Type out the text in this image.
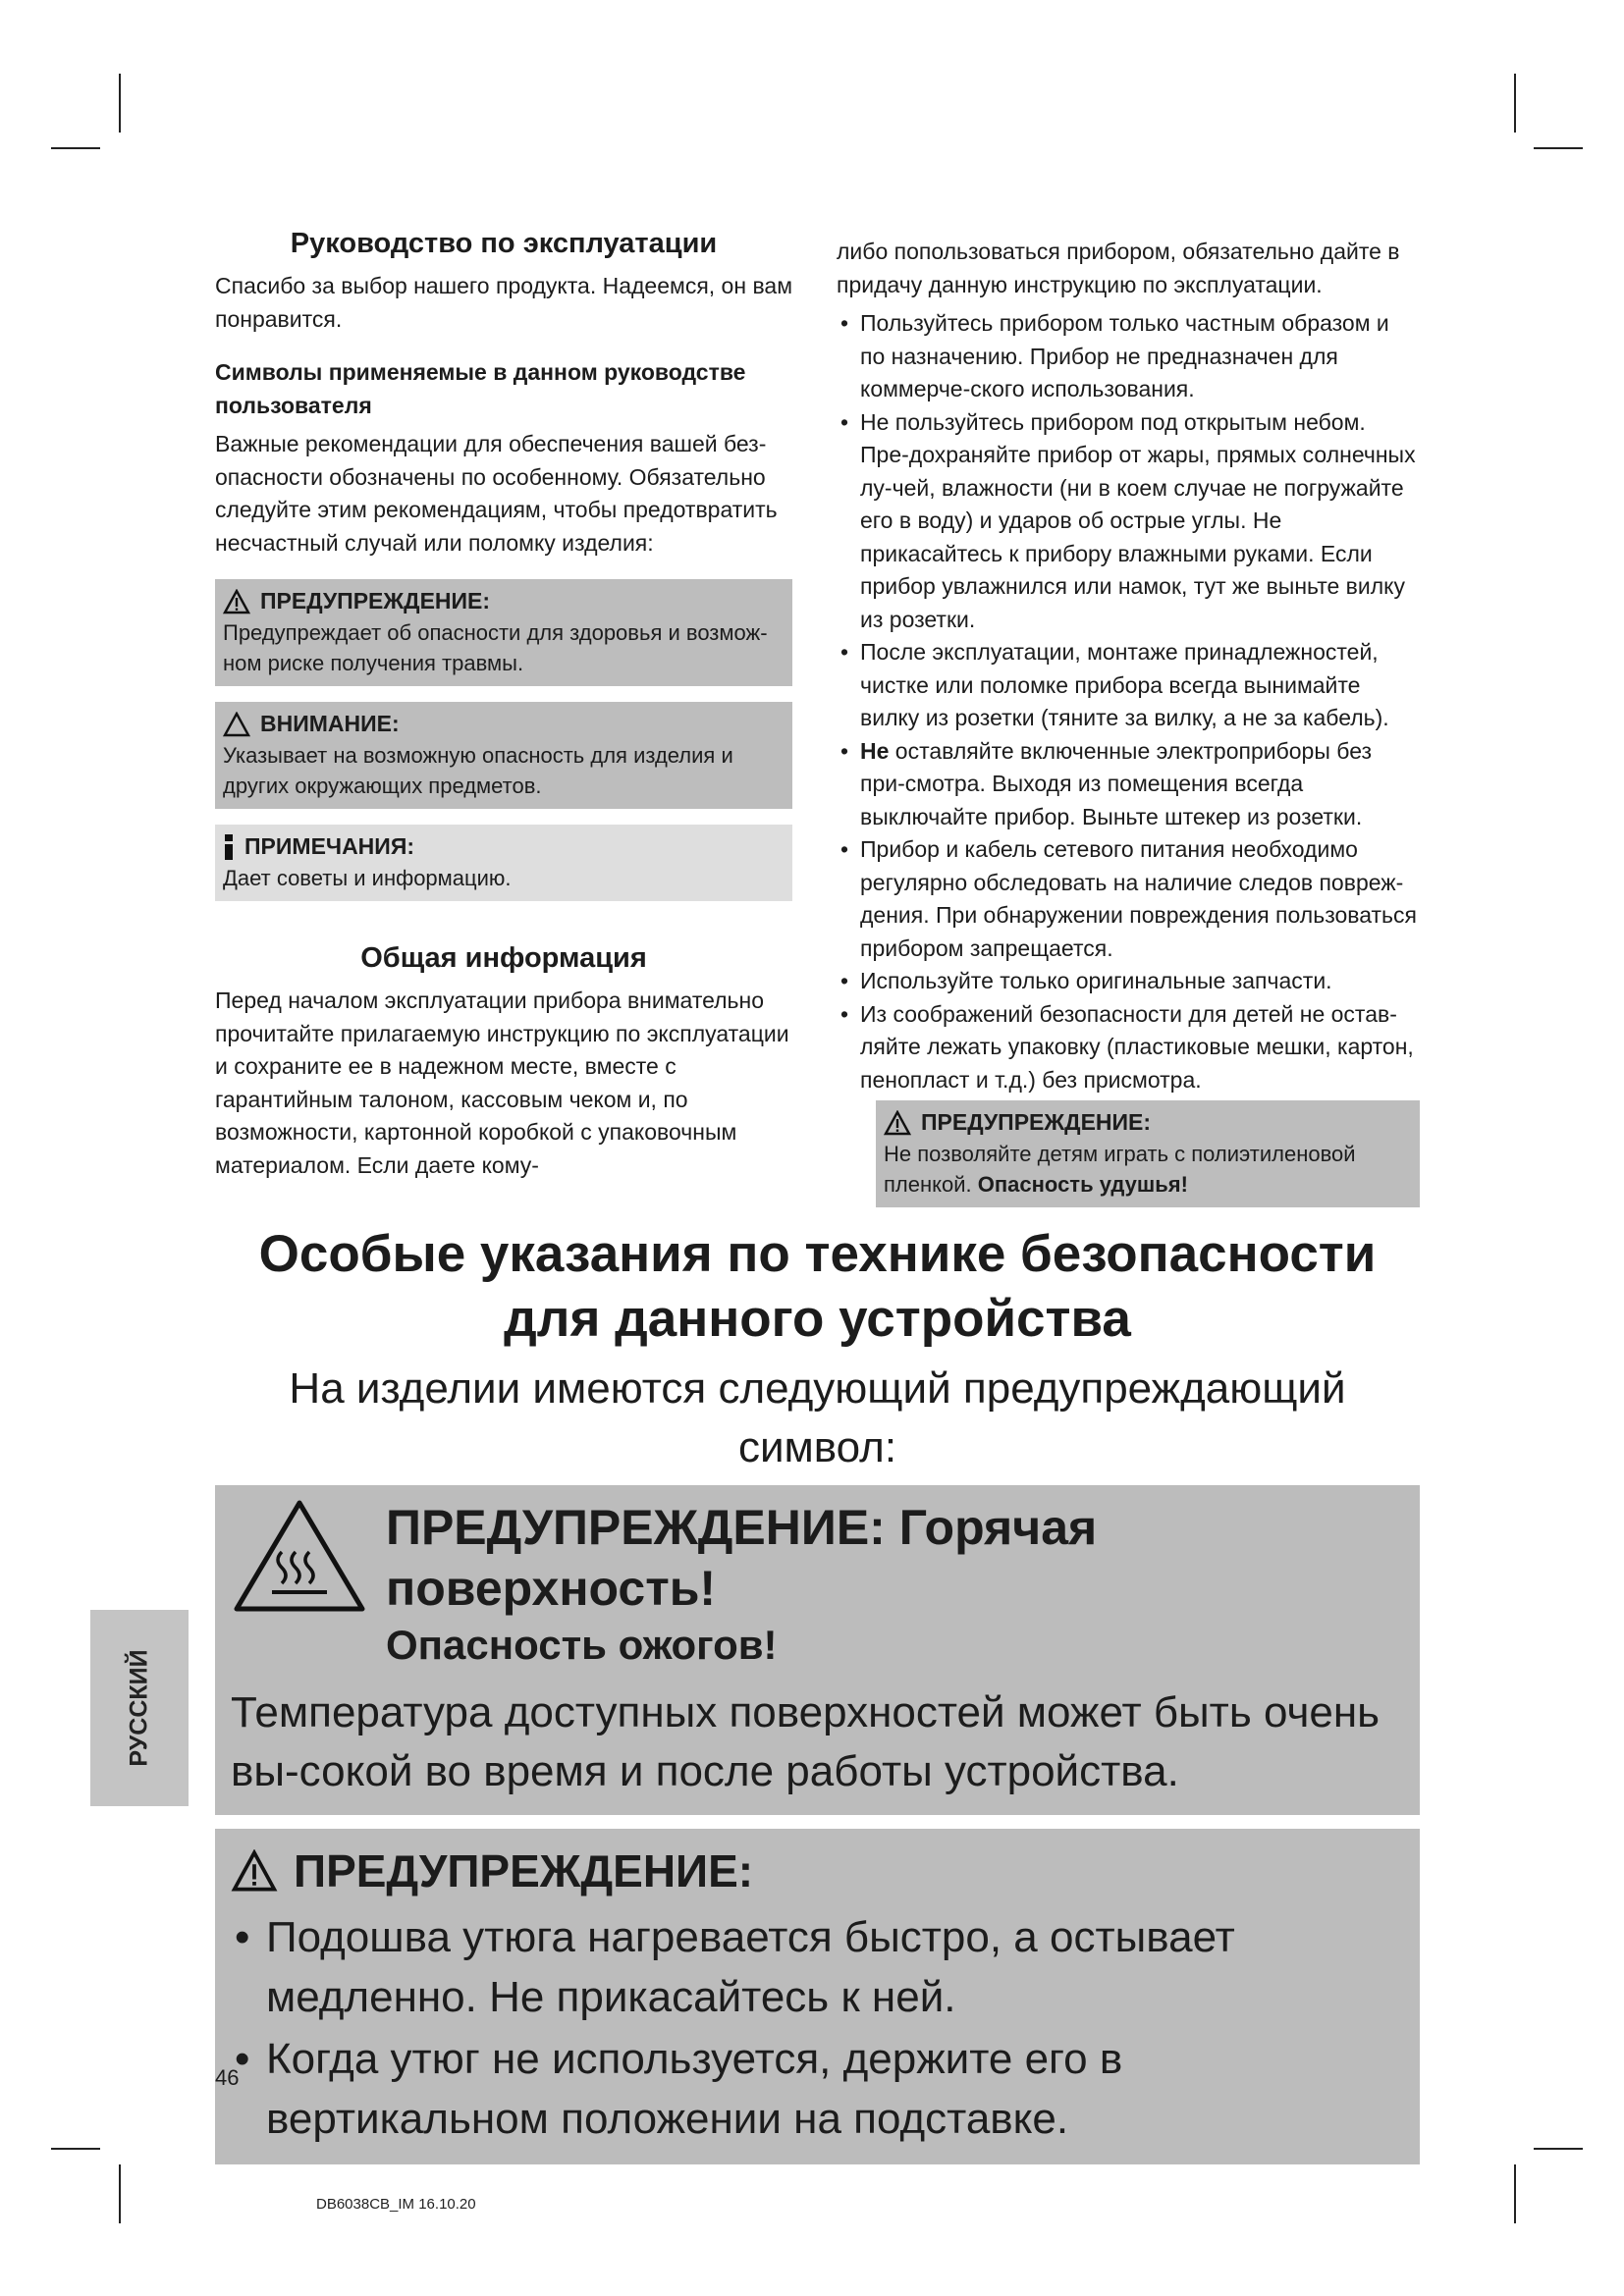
Руководство по эксплуатации

Спасибо за выбор нашего продукта. Надеемся, он вам понравится.

Символы применяемые в данном руководстве пользователя

Важные рекомендации для обеспечения вашей без-опасности обозначены по особенному. Обязательно следуйте этим рекомендациям, чтобы предотвратить несчастный случай или поломку изделия:

ПРЕДУПРЕЖДЕНИЕ:

Предупреждает об опасности для здоровья и возмож-ном риске получения травмы.

ВНИМАНИЕ:

Указывает на возможную опасность для изделия и других окружающих предметов.

ПРИМЕЧАНИЯ:

Дает советы и информацию.

Общая информация

Перед началом эксплуатации прибора внимательно прочитайте прилагаемую инструкцию по эксплуатации и сохраните ее в надежном месте, вместе с гарантийным талоном, кассовым чеком и, по возможности, картонной коробкой с упаковочным материалом. Если даете кому-

либо попользоваться прибором, обязательно дайте в придачу данную инструкцию по эксплуатации.

• Пользуйтесь прибором только частным образом и по назначению. Прибор не предназначен для коммерче-ского использования.
• Не пользуйтесь прибором под открытым небом. Пре-дохраняйте прибор от жары, прямых солнечных лу-чей, влажности (ни в коем случае не погружайте его в воду) и ударов об острые углы. Не прикасайтесь к прибору влажными руками. Если прибор увлажнился или намок, тут же выньте вилку из розетки.
• После эксплуатации, монтаже принадлежностей, чистке или поломке прибора всегда вынимайте вилку из розетки (тяните за вилку, а не за кабель).
• Не оставляйте включенные электроприборы без при-смотра. Выходя из помещения всегда выключайте прибор. Выньте штекер из розетки.
• Прибор и кабель сетевого питания необходимо регулярно обследовать на наличие следов повреж-дения. При обнаружении повреждения пользоваться прибором запрещается.
• Используйте только оригинальные запчасти.
• Из соображений безопасности для детей не остав-ляйте лежать упаковку (пластиковые мешки, картон, пенопласт и т.д.) без присмотра.
ПРЕДУПРЕЖДЕНИЕ:

Не позволяйте детям играть с полиэтиленовой пленкой. Опасность удушья!

Особые указания по технике безопасности
для данного устройства

На изделии имеются следующий предупреждающий символ:

ПРЕДУПРЕЖДЕНИЕ: Горячая поверхность!
Опасность ожогов!
Температура доступных поверхностей может быть очень вы-сокой во время и после работы устройства.
ПРЕДУПРЕЖДЕНИЕ:
• Подошва утюга нагревается быстро, а остывает медленно. Не прикасайтесь к ней.
• Когда утюг не используется, держите его в вертикальном положении на подставке.
РУССКИЙ
46
DB6038CB_IM 16.10.20
